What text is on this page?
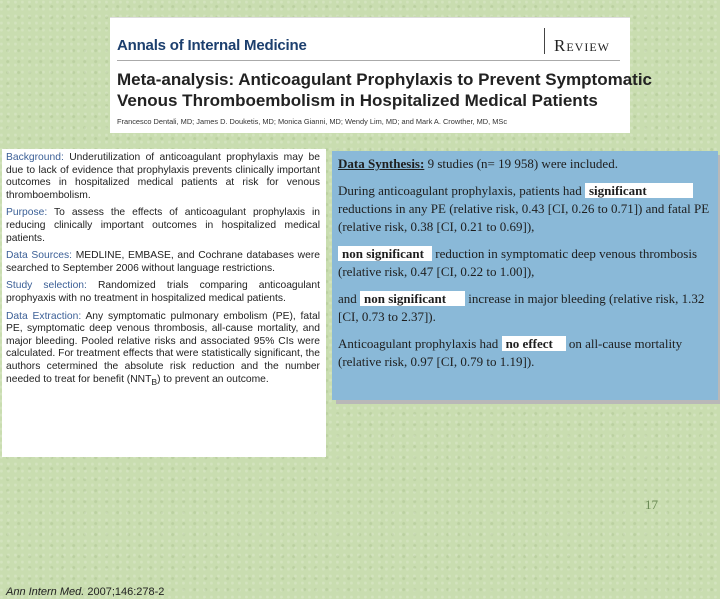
Annals of Internal Medicine	Review
Meta-analysis: Anticoagulant Prophylaxis to Prevent Symptomatic
Venous Thromboembolism in Hospitalized Medical Patients
Francesco Dentali, MD; James D. Douketis, MD; Monica Gianni, MD; Wendy Lim, MD; and Mark A. Crowther, MD, MSc

Background: Underutilization of anticoagulant prophylaxis may be due to lack of evidence that prophylaxis prevents clinically important outcomes in hospitalized medical patients at risk for venous thromboembolism.

Purpose: To assess the effects of anticoagulant prophylaxis in reducing clinically important outcomes in hospitalized medical patients.

Data Sources: MEDLINE, EMBASE, and Cochrane databases were searched to September 2006 without language restrictions.

Study selection: Randomized trials comparing anticoagulant prophyaxis with no treatment in hospitalized medical patients.

Data Extraction: Any symptomatic pulmonary embolism (PE), fatal PE, symptomatic deep venous thrombosis, all-cause mortality, and major bleeding. Pooled relative risks and associated 95% CIs were calculated. For treatment effects that were statistically significant, the authors cetermined the absolute risk reduction and the number needed to treat for benefit $(NNT_B)$ to prevent an outcome.

Ann Intern Med. 2007;146:278-2
Data Synthesis: 9 studies (n= 19 958) were included.
During anticoagulant prophylaxis, patients had significant reductions in any PE (relative risk, 0.43 [CI, 0.26 to 0.71]) and fatal PE (relative risk, 0.38 [CI, 0.21 to 0.69]),
non significant reduction in symptomatic deep venous thrombosis (relative risk, 0.47 [CI, 0.22 to 1.00]),
and non significant increase in major bleeding (relative risk, 1.32 [CI, 0.73 to 2.37]).
Anticoagulant prophylaxis had no effect on all-cause mortality (relative risk, 0.97 [CI, 0.79 to 1.19]).
17
